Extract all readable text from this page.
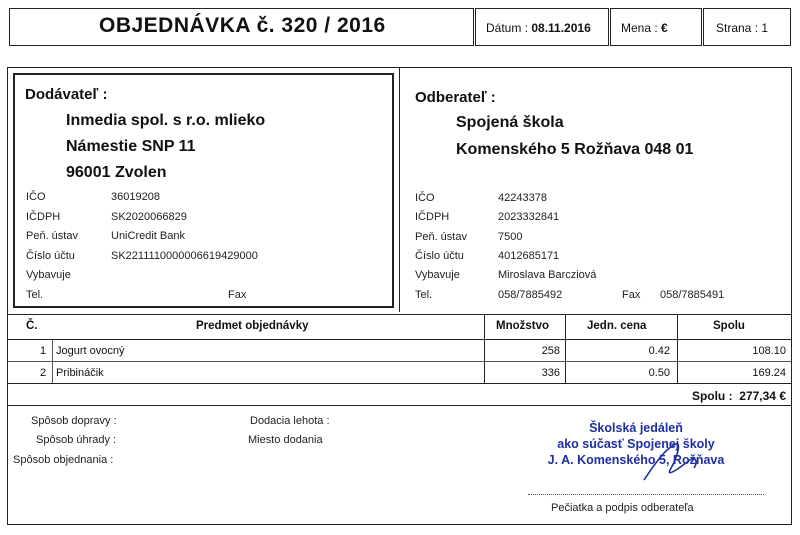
OBJEDNÁVKA č. 320 / 2016	Dátum : 08.11.2016	Mena : €	Strana : 1
Dodávateľ :
Inmedia spol. s r.o. mlieko
Námestie SNP 11
96001 Zvolen
IČO	36019208
IČDPH	SK2020066829
Peň. ústav	UniCredit Bank
Číslo účtu	SK2211110000006619429000
Vybavuje
Tel.	Fax
Odberateľ :
Spojená škola
Komenského 5 Rožňava 048 01
IČO	42243378
IČDPH	2023332841
Peň. ústav	7500
Číslo účtu	4012685171
Vybavuje	Miroslava Barcziová
Tel.	058/7885492	Fax 058/7885491
Č.	Predmet objednávky	Množstvo	Jedn. cena	Spolu
1 Jogurt ovocný	258	0.42	108.10
2 Pribináčik	336	0.50	169.24
Spolu : 277,34 €
Spôsob dopravy :
Spôsob úhrady :
Spôsob objednania :
Dodacia lehota :
Miesto dodania
Školská jedáleň
ako súčasť Spojenej školy
J. A. Komenského 5, Rožňava
Pečiatka a podpis odberateľa
